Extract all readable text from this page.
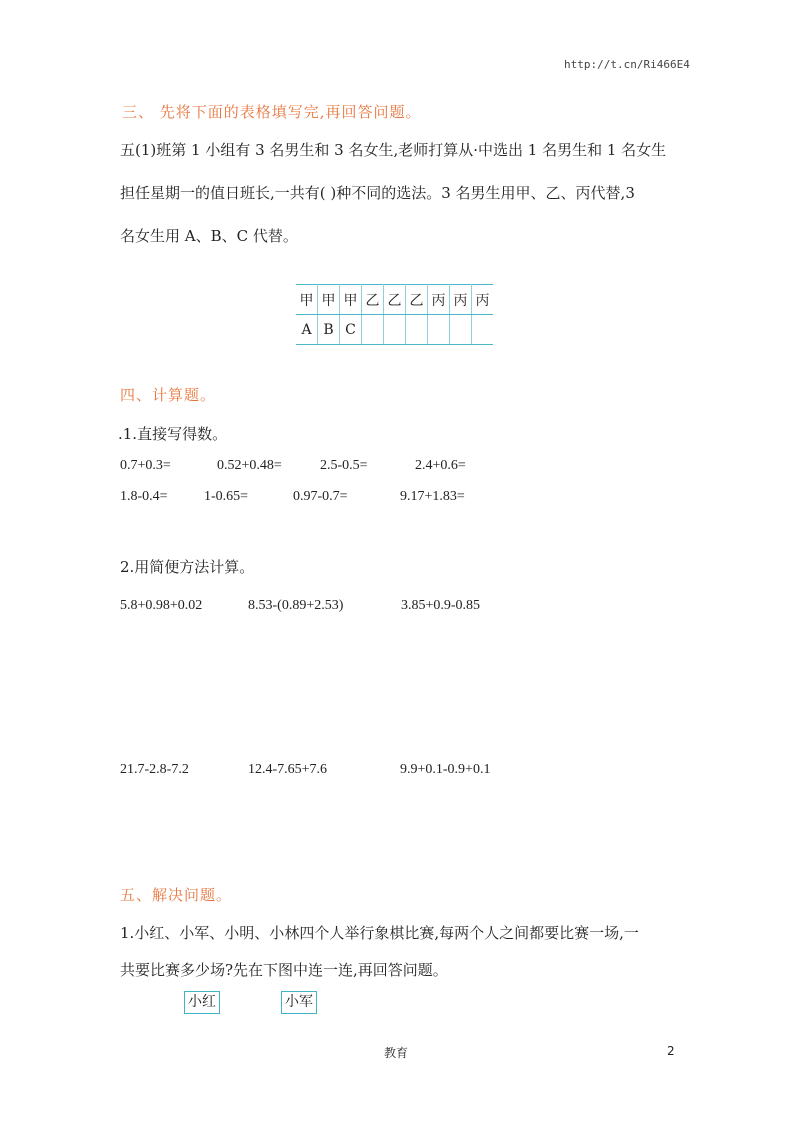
http://t.cn/Ri466E4
三、 先将下面的表格填写完,再回答问题。
五(1)班第 1 小组有 3 名男生和 3 名女生,老师打算从·中选出 1 名男生和 1 名女生
担任星期一的值日班长,一共有( )种不同的选法。3 名男生用甲、乙、丙代替,3
名女生用 A、B、C 代替。
甲	甲	甲	乙	乙	乙	丙	丙	丙
A	B	C						
四、计算题。
.1.直接写得数。
0.7+0.3=	0.52+0.48=	2.5-0.5=	2.4+0.6=
1.8-0.4=	1-0.65=	0.97-0.7=	9.17+1.83=
2.用简便方法计算。
5.8+0.98+0.02	8.53-(0.89+2.53)	3.85+0.9-0.85
21.7-2.8-7.2	12.4-7.65+7.6	9.9+0.1-0.9+0.1
五、解决问题。
1.小红、小军、小明、小林四个人举行象棋比赛,每两个人之间都要比赛一场,一
共要比赛多少场?先在下图中连一连,再回答问题。
小红	小军
教育	2
